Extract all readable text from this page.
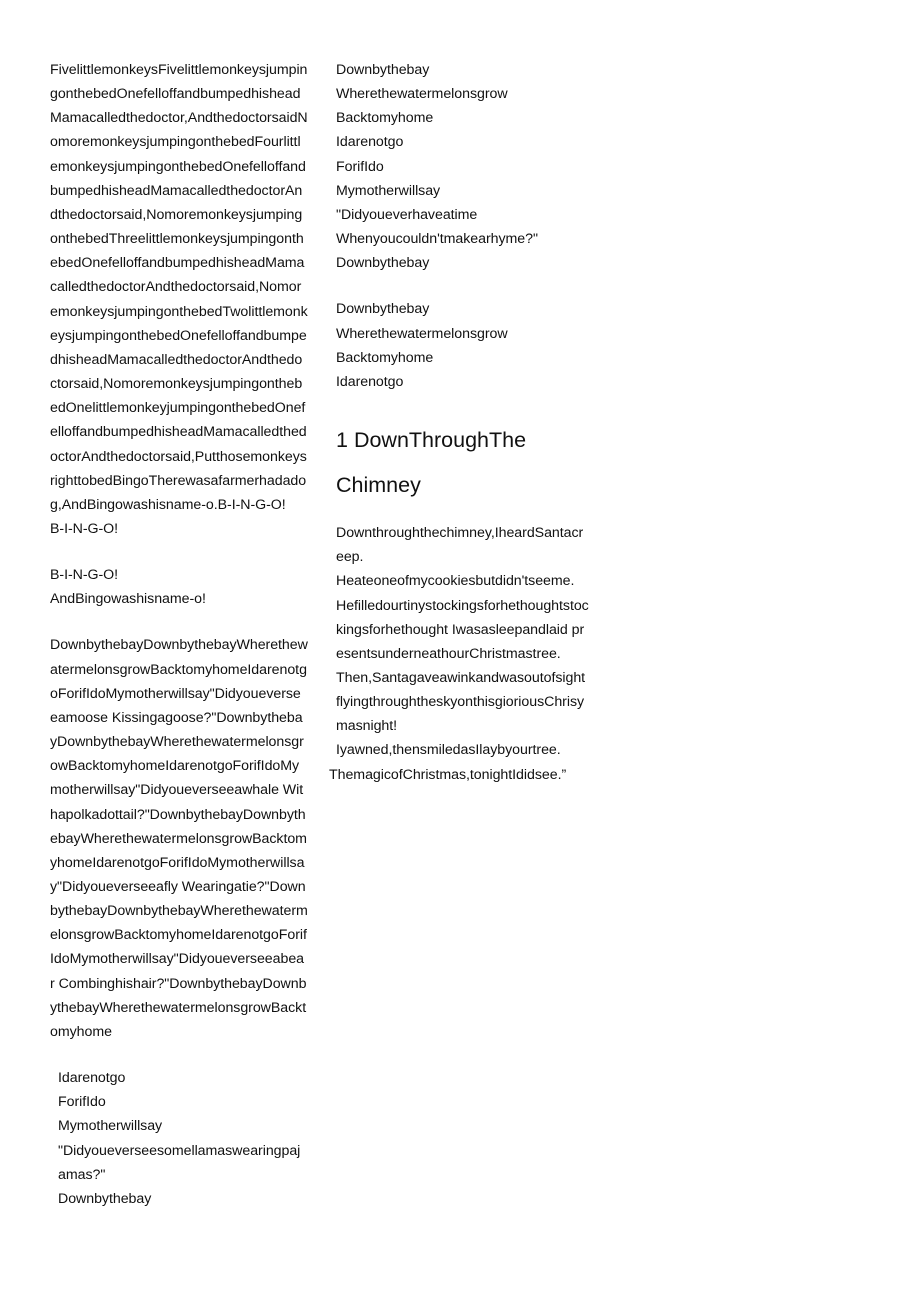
FivelittlemonkeysFivelittlemonkeysjumpingonthebedOnefelloffandbumpedhisheadMamacalledthedoctor,AndthedoctorsaidNomoremonkeysjumpingonthebedFourlittlemonkeysjumpingonthebedOnefelloffandbumpedhisheadMamacalledthedoctorAndthedoctorsaid,NomoremonkeysjumpingonthebedThreelittlemonkeysjumpingonthebedOnefelloffandbumpedhisheadMamacalledthedoctorAndthedoctorsaid,NomoremonkeysjumpingonthebedTwolittlemonkeysjumpingonthebedOnefelloffandbumpedhisheadMamacalledthedoctorAndthedoctorsaid,NomoremonkeysjumpingonthebedOnelittlemonkeyjumpingonthebedOnefelloffandbumpedhisheadMamacalledthedoctorAndthedoctorsaid,PutthosemonkeysrighttobedBingoTherewasafarmerhadadog,AndBingowashisname-o.B-I-N-G-O!

B-I-N-G-O!
B-I-N-G-O!
AndBingowashisname-o!

DownbythebayDownbythebayWherethewatermelonsgrowBacktomyhomeIdarenotgoForifIdoMymotherwillsay"Didyoueverseeamoose Kissingagoose?"DownbythebayDownbythebayWherethewatermelonsgrowBacktomyhomeIdarenotgoForifIdoMymotherwillsay"Didyoueverseeawhale Withapolkadottail?"DownbythebayDownbythebayWherethewatermelonsgrowBacktomyhomeIdarenotgoForifIdoMymotherwillsay"Didyoueverseeafly Wearingatie?"DownbythebayDownbythebayWherethewatermelonsgrowBacktomyhomeIdarenotgoForifIdoMymotherwillsay"Didyoueverseeabear Combinghishair?"DownbythebayDownbythebayWherethewatermelonsgrowBacktomyhome

Idarenotgo
ForifIdo
Mymotherwillsay
"Didyoueverseesomellamaswearingpajamas?"
Downbythebay
Downbythebay
Wherethewatermelonsgrow
Backtomyhome
Idarenotgo
ForifIdo
Mymotherwillsay
"Didyoueverhaveatime
Whenyoucouldn'tmakearhyme?"
Downbythebay
Downbythebay
Wherethewatermelonsgrow
Backtomyhome
Idarenotgo
1 DownThroughThe
Chimney
Downthroughthechimney,IheardSantacreep.
Heateoneofmycookiesbutdidn'tseeme.
Hefilledourtinystockingsforhethoughtstockingsforhethought Iwasasleepandlaid presentsunderneathourChristmastree.
Then,Santagaveawinkandwasoutofsight
flyingthroughtheskyonthisgioriousChrisymasnight!
Iyawned,thensmiledasIlaybyourtree.
ThemagicofChristmas,tonightIdidsee.”
